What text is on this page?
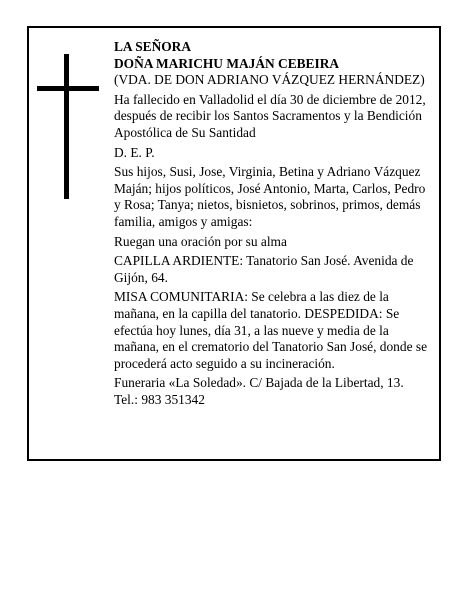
LA SEÑORA
DOÑA MARICHU MAJÁN CEBEIRA
(VDA. DE DON ADRIANO VÁZQUEZ HERNÁNDEZ)
Ha fallecido en Valladolid el día 30 de diciembre de 2012, después de recibir los Santos Sacramentos y la Bendición Apostólica de Su Santidad
D. E. P.
Sus hijos, Susi, Jose, Virginia, Betina y Adriano Vázquez Maján; hijos políticos, José Antonio, Marta, Carlos, Pedro y Rosa; Tanya; nietos, bisnietos, sobrinos, primos, demás familia, amigos y amigas:
Ruegan una oración por su alma
CAPILLA ARDIENTE: Tanatorio San José. Avenida de Gijón, 64.
MISA COMUNITARIA: Se celebra a las diez de la mañana, en la capilla del tanatorio. DESPEDIDA: Se efectúa hoy lunes, día 31, a las nueve y media de la mañana, en el crematorio del Tanatorio San José, donde se procederá acto seguido a su incineración.
Funeraria «La Soledad». C/ Bajada de la Libertad, 13. Tel.: 983 351342
